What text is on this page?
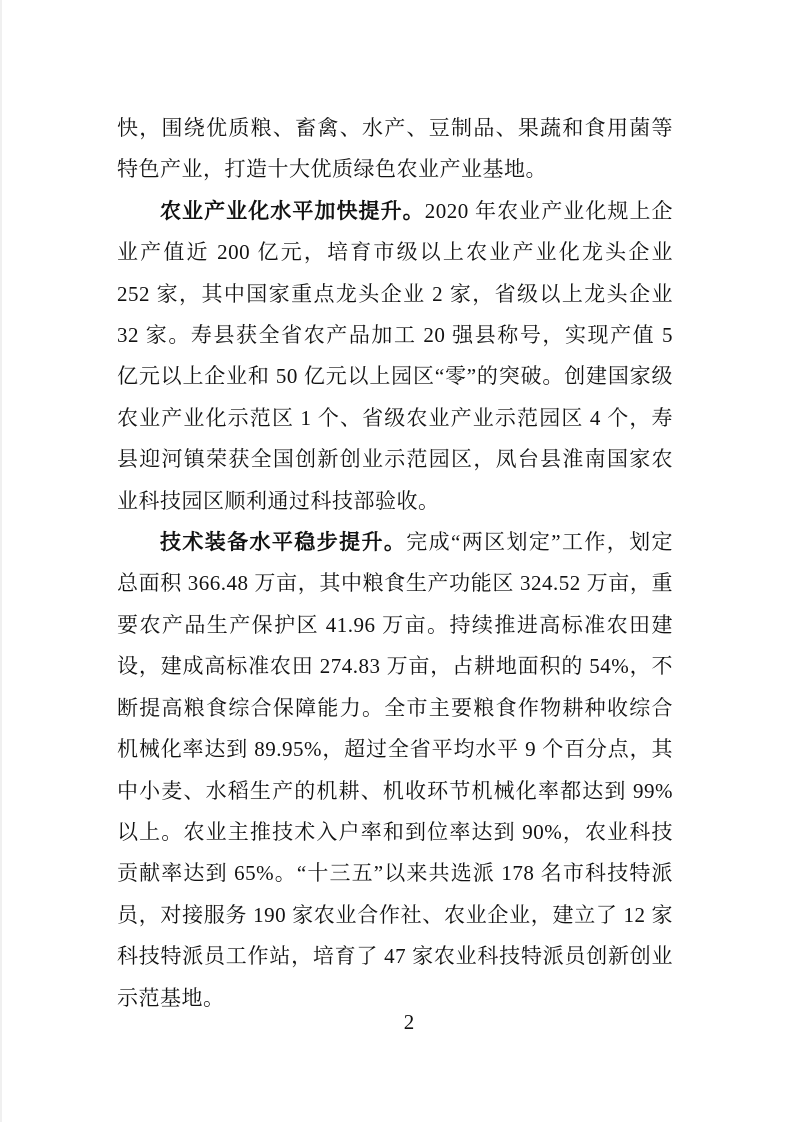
快，围绕优质粮、畜禽、水产、豆制品、果蔬和食用菌等特色产业，打造十大优质绿色农业产业基地。

农业产业化水平加快提升。2020 年农业产业化规上企业产值近 200 亿元，培育市级以上农业产业化龙头企业 252 家，其中国家重点龙头企业 2 家，省级以上龙头企业 32 家。寿县获全省农产品加工 20 强县称号，实现产值 5 亿元以上企业和 50 亿元以上园区“零”的突破。创建国家级农业产业化示范区 1 个、省级农业产业示范园区 4 个，寿县迎河镇荣获全国创新创业示范园区，凤台县淮南国家农业科技园区顺利通过科技部验收。

技术装备水平稳步提升。完成“两区划定”工作，划定总面积 366.48 万亩，其中粮食生产功能区 324.52 万亩，重要农产品生产保护区 41.96 万亩。持续推进高标准农田建设，建成高标准农田 274.83 万亩，占耕地面积的 54%，不断提高粮食综合保障能力。全市主要粮食作物耕种收综合机械化率达到 89.95%，超过全省平均水平 9 个百分点，其中小麦、水稻生产的机耕、机收环节机械化率都达到 99%以上。农业主推技术入户率和到位率达到 90%，农业科技贡献率达到 65%。“十三五”以来共选派 178 名市科技特派员，对接服务 190 家农业合作社、农业企业，建立了 12 家科技特派员工作站，培育了 47 家农业科技特派员创新创业示范基地。

2
